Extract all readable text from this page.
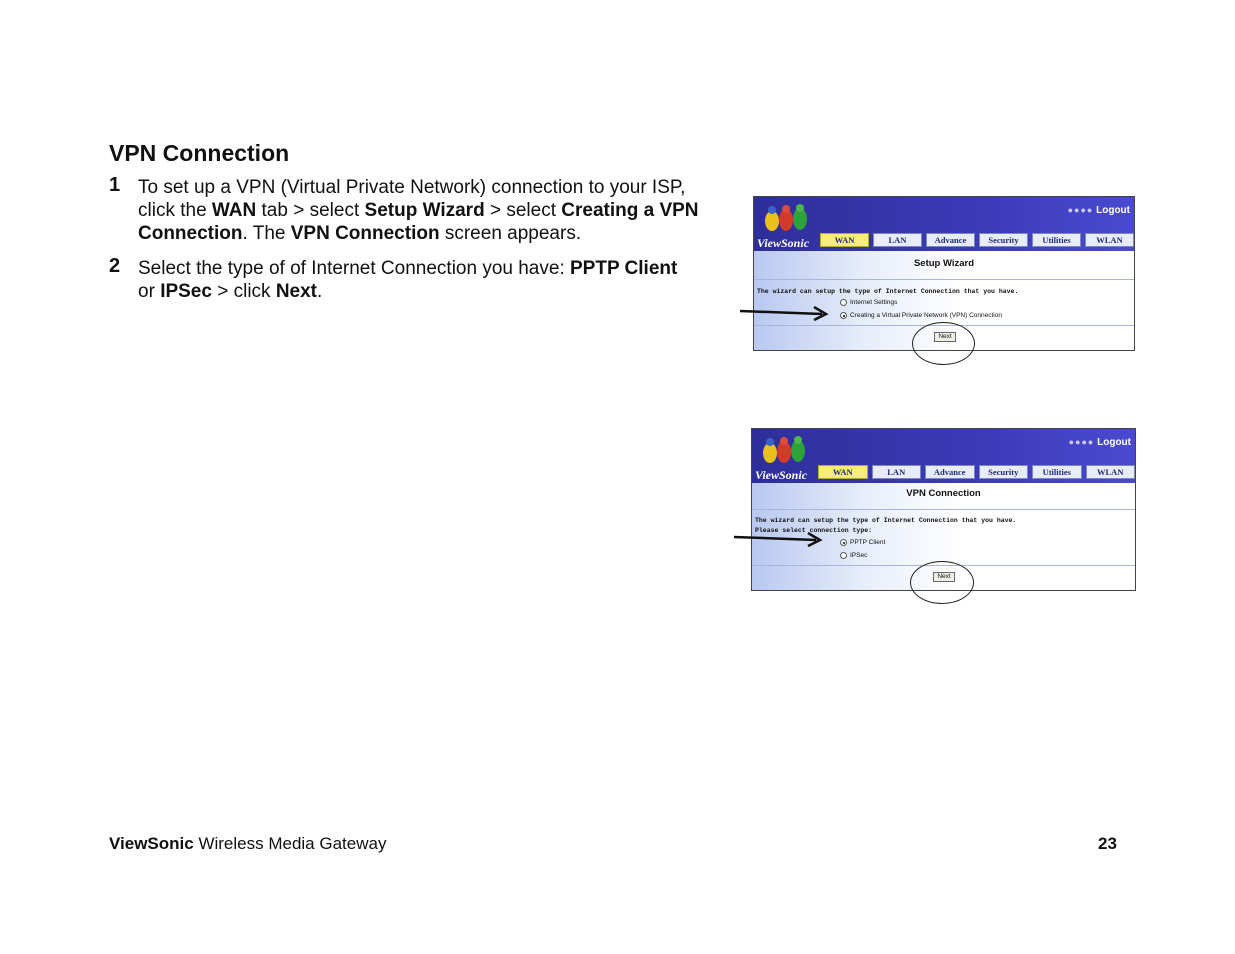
VPN Connection
1 To set up a VPN (Virtual Private Network) connection to your ISP, click the WAN tab > select Setup Wizard > select Creating a VPN Connection. The VPN Connection screen appears.
2 Select the type of of Internet Connection you have: PPTP Client or IPSec > click Next.
ViewSonic
●●●● Logout
WAN	LAN	Advance	Security	Utilities	WLAN
Setup Wizard
The wizard can setup the type of Internet Connection that you have.
Internet Settings
Creating a Virtual Private Network (VPN) Connection
Next
ViewSonic
●●●● Logout
WAN	LAN	Advance	Security	Utilities	WLAN
VPN Connection
The wizard can setup the type of Internet Connection that you have.
Please select connection type:
PPTP Client
IPSec
Next
ViewSonic Wireless Media Gateway	23
